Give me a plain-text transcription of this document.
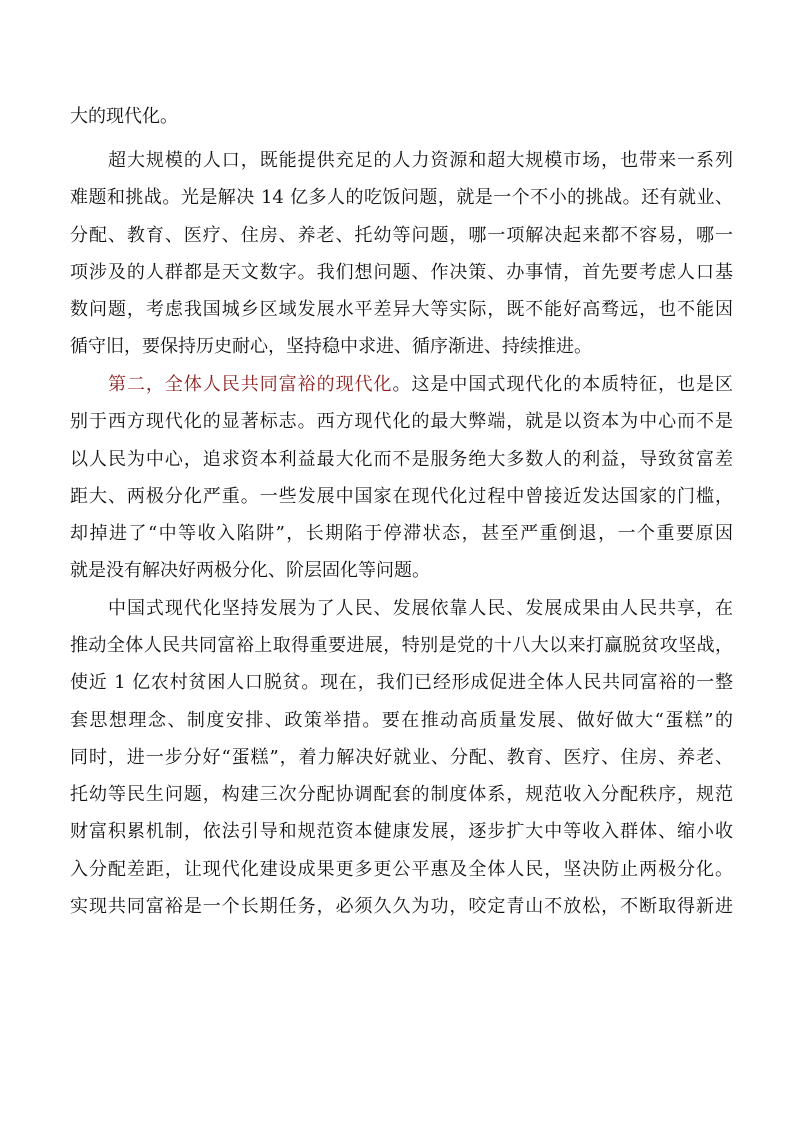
大的现代化。
超大规模的人口，既能提供充足的人力资源和超大规模市场，也带来一系列
难题和挑战。光是解决 14 亿多人的吃饭问题，就是一个不小的挑战。还有就业、
分配、教育、医疗、住房、养老、托幼等问题，哪一项解决起来都不容易，哪一
项涉及的人群都是天文数字。我们想问题、作决策、办事情，首先要考虑人口基
数问题，考虑我国城乡区域发展水平差异大等实际，既不能好高骛远，也不能因
循守旧，要保持历史耐心，坚持稳中求进、循序渐进、持续推进。
第二，全体人民共同富裕的现代化。这是中国式现代化的本质特征，也是区
别于西方现代化的显著标志。西方现代化的最大弊端，就是以资本为中心而不是
以人民为中心，追求资本利益最大化而不是服务绝大多数人的利益，导致贫富差
距大、两极分化严重。一些发展中国家在现代化过程中曾接近发达国家的门槛，
却掉进了“中等收入陷阱”，长期陷于停滞状态，甚至严重倒退，一个重要原因
就是没有解决好两极分化、阶层固化等问题。
中国式现代化坚持发展为了人民、发展依靠人民、发展成果由人民共享，在
推动全体人民共同富裕上取得重要进展，特别是党的十八大以来打赢脱贫攻坚战，
使近 1 亿农村贫困人口脱贫。现在，我们已经形成促进全体人民共同富裕的一整
套思想理念、制度安排、政策举措。要在推动高质量发展、做好做大“蛋糕”的
同时，进一步分好“蛋糕”，着力解决好就业、分配、教育、医疗、住房、养老、
托幼等民生问题，构建三次分配协调配套的制度体系，规范收入分配秩序，规范
财富积累机制，依法引导和规范资本健康发展，逐步扩大中等收入群体、缩小收
入分配差距，让现代化建设成果更多更公平惠及全体人民，坚决防止两极分化。
实现共同富裕是一个长期任务，必须久久为功，咬定青山不放松，不断取得新进
